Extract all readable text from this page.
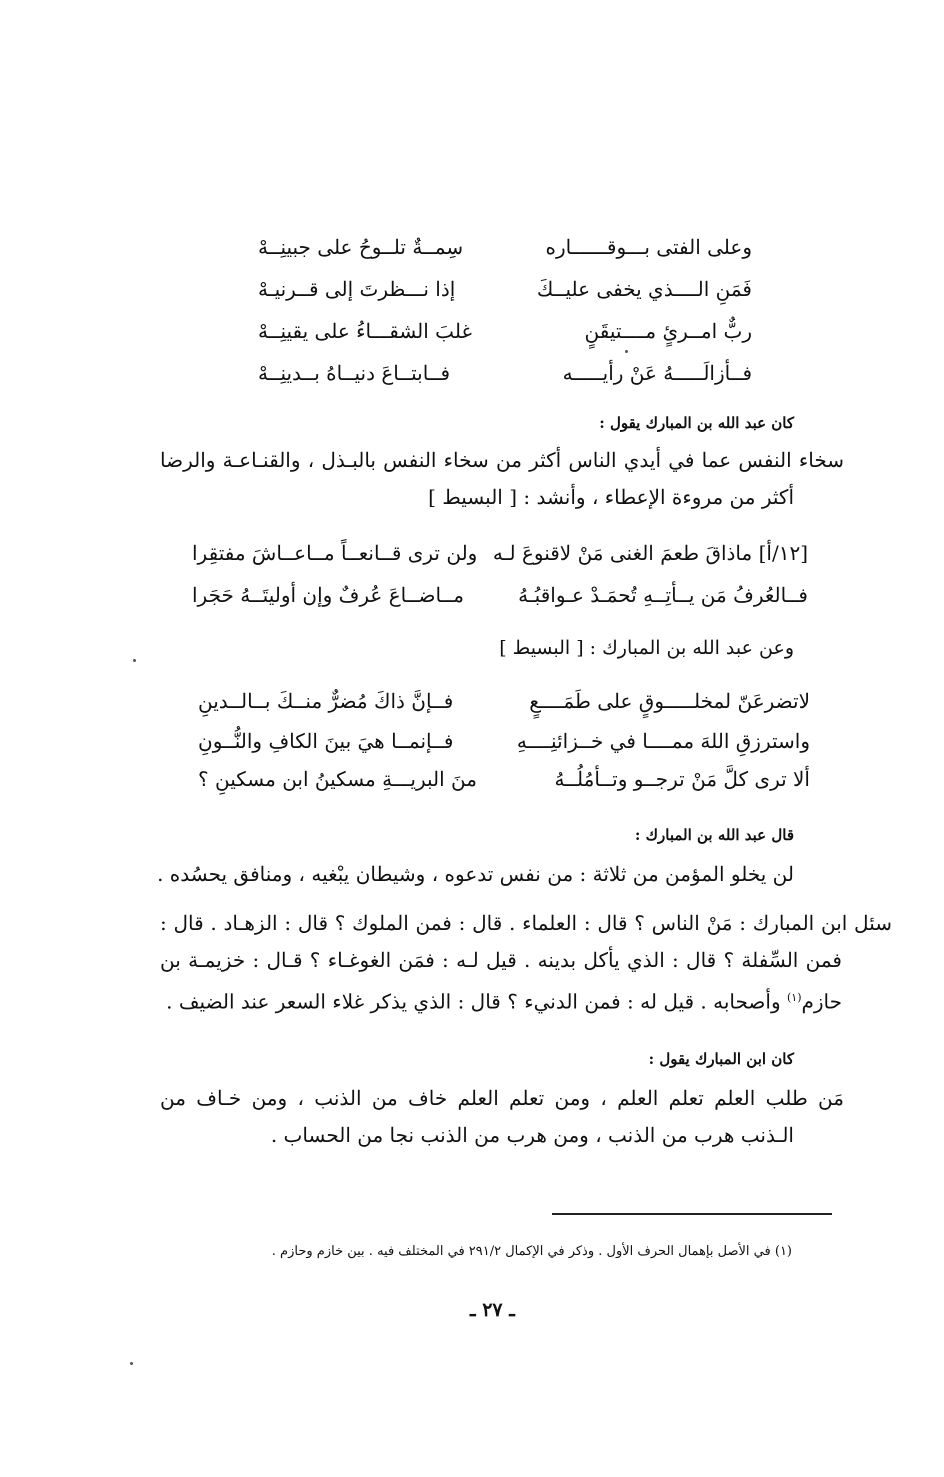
وعلى الفتى بـــوقــــــاره
سِمــةٌ تلــوحُ على جبينِــهْ
فَمَنِ الــــذي يخفى عليــكَ
إذا نـــظرتَ إلى قــرنيـهْ
ربٌّ امــرئٍ مــــتيقَنٍ
غلبَ الشقـــاءُ على يقينِــهْ
فــأزالَـــــهُ عَنْ رأيـــــه
فــابتــاعَ دنيــاهُ بــدينِــهْ
كان عبد الله بن المبارك يقول :
سخاء النفس عما في أيدي الناس أكثر من سخاء النفس بالبـذل ، والقنـاعـة والرضا أكثر من مروءة الإعطاء ، وأنشد : [ البسيط ]
[١٢/أ] ماذاقَ طعمَ الغنى مَنْ لاقنوعَ لـه
ولن ترى قــانعــاً مــاعــاشَ مفتقِرا
فــالعُرفُ مَن يــأتِــهِ تُحمَـدْ عـواقبُـهُ
مــاضــاعَ عُرفٌ وإن أوليتَــهُ حَجَرا
وعن عبد الله بن المبارك : [ البسيط ]
لاتضرعَنّ لمخلـــــوقٍ على طَمَــــعٍ
فــإنَّ ذاكَ مُضرٌّ منــكَ بــالــدينِ
واسترزقِ اللهَ ممــــا في خــزائنِــــهِ
فــإنمــا هيَ بينَ الكافِ والنُّــونِ
ألا ترى كلَّ مَنْ ترجــو وتــأمُلُــهُ
منَ البريـــةِ مسكينُ ابن مسكينِ ؟
قال عبد الله بن المبارك :
لن يخلو المؤمن من ثلاثة : من نفس تدعوه ، وشيطان يبْغيه ، ومنافق يحسُده .
سئل ابن المبارك : مَنْ الناس ؟ قال : العلماء . قال : فمن الملوك ؟ قال : الزهـاد . قال : فمن السِّفلة ؟ قال : الذي يأكل بدينه . قيل لـه : فمَن الغوغـاء ؟ قـال : خزيمـة بن حازم$^{(١)}$ وأصحابه . قيل له : فمن الدنيء ؟ قال : الذي يذكر غلاء السعر عند الضيف .
كان ابن المبارك يقول :
مَن طلب العلم تعلم العلم ، ومن تعلم العلم خاف من الذنب ، ومن خـاف من الـذنب هرب من الذنب ، ومن هرب من الذنب نجا من الحساب .
(١) في الأصل بإهمال الحرف الأول . وذكر في الإكمال ٢٩١/٢ في المختلف فيه . بين خازم وحازم .
ـ ٢٧ ـ
